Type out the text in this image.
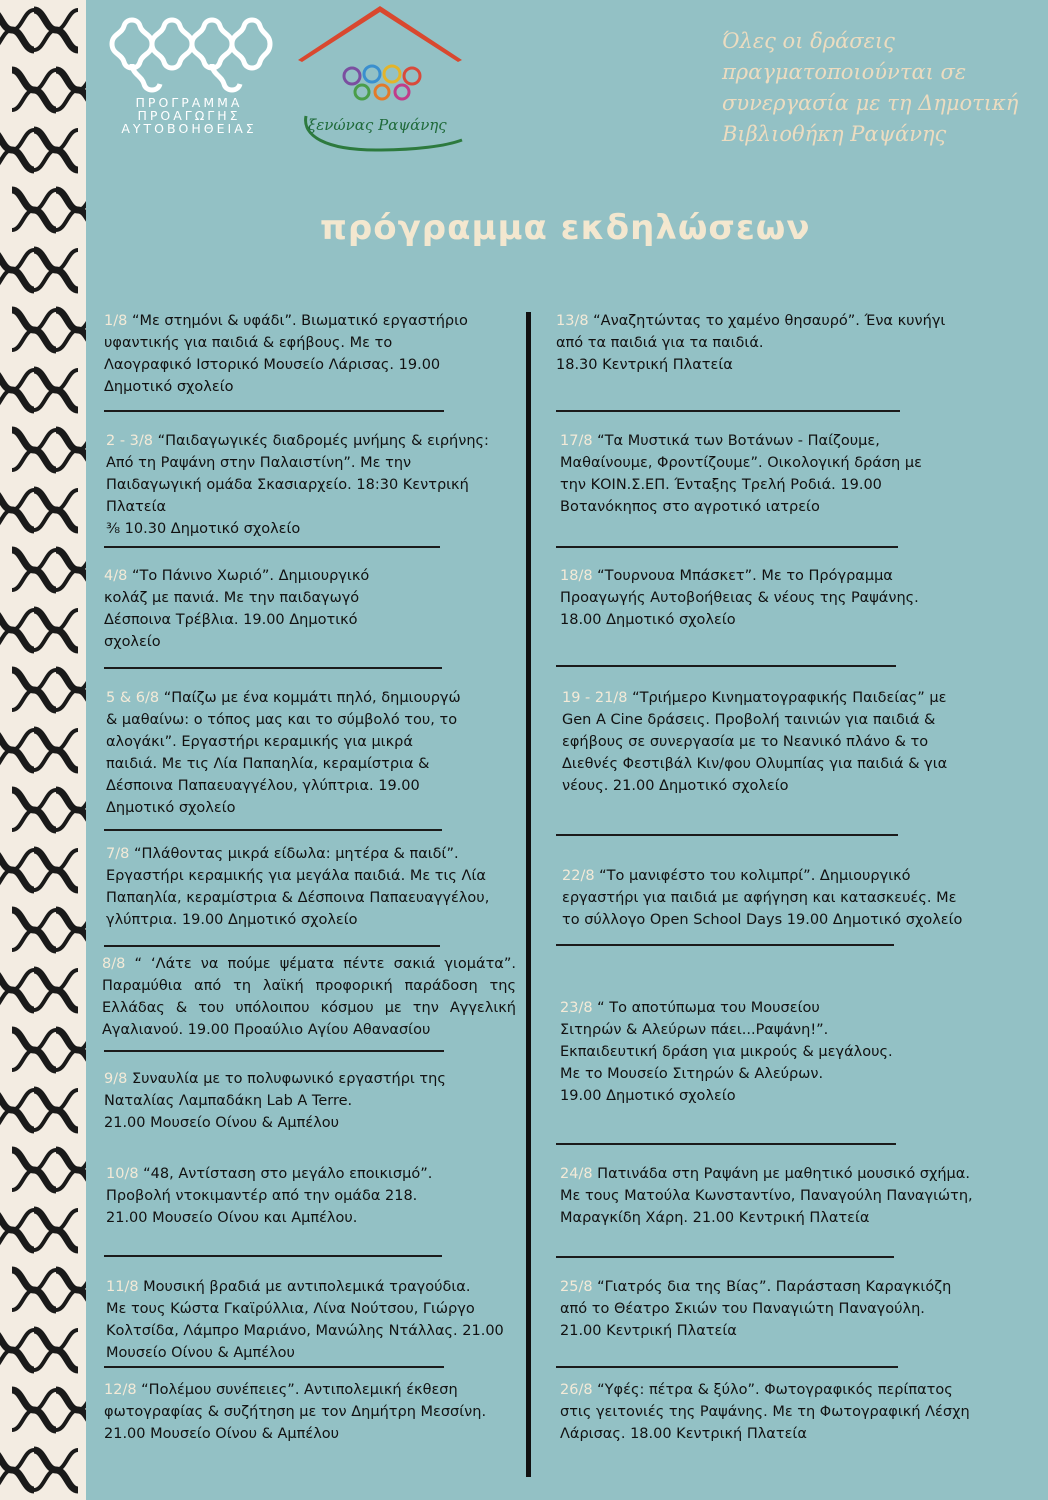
ΠΡΟΓΡΑΜΜΑ
ΠΡΟΑΓΩΓΗΣ
ΑΥΤΟΒΟΗΘΕΙΑΣ	ξενώνας Ραψάνης
Όλες οι δράσεις
πραγματοποιούνται σε
συνεργασία με τη Δημοτική
Βιβλιοθήκη Ραψάνης
πρόγραμμα εκδηλώσεων
1/8 “Με στημόνι & υφάδι”. Βιωματικό εργαστήριο
υφαντικής για παιδιά & εφήβους. Με το
Λαογραφικό Ιστορικό Μουσείο Λάρισας. 19.00
Δημοτικό σχολείο
2 - 3/8 “Παιδαγωγικές διαδρομές μνήμης & ειρήνης:
Από τη Ραψάνη στην Παλαιστίνη”. Με την
Παιδαγωγική ομάδα Σκασιαρχείο. 18:30 Κεντρική
Πλατεία
⅜ 10.30 Δημοτικό σχολείο
4/8 “Το Πάνινο Χωριό”. Δημιουργικό
κολάζ με πανιά. Με την παιδαγωγό
Δέσποινα Τρέβλια. 19.00 Δημοτικό
σχολείο
5 & 6/8 “Παίζω με ένα κομμάτι πηλό, δημιουργώ
& μαθαίνω: ο τόπος μας και το σύμβολό του, το
αλογάκι”. Εργαστήρι κεραμικής για μικρά
παιδιά. Με τις Λία Παπαηλία, κεραμίστρια &
Δέσποινα Παπαευαγγέλου, γλύπτρια. 19.00
Δημοτικό σχολείο
7/8 “Πλάθοντας μικρά είδωλα: μητέρα & παιδί”.
Εργαστήρι κεραμικής για μεγάλα παιδιά. Με τις Λία
Παπαηλία, κεραμίστρια & Δέσποινα Παπαευαγγέλου,
γλύπτρια. 19.00 Δημοτικό σχολείο
8/8 “ ‘Λάτε να πούμε ψέματα πέντε σακιά γιομάτα”.
Παραμύθια από τη λαϊκή προφορική παράδοση της
Ελλάδας & του υπόλοιπου κόσμου με την Αγγελική
Αγαλιανού. 19.00 Προαύλιο Αγίου Αθανασίου
9/8 Συναυλία με το πολυφωνικό εργαστήρι της
Ναταλίας Λαμπαδάκη Lab A Terre.
21.00 Μουσείο Οίνου & Αμπέλου
10/8 “48, Αντίσταση στο μεγάλο εποικισμό”.
Προβολή ντοκιμαντέρ από την ομάδα 218.
21.00 Μουσείο Οίνου και Αμπέλου.
11/8 Μουσική βραδιά με αντιπολεμικά τραγούδια.
Με τους Κώστα Γκαϊρύλλια, Λίνα Νούτσου, Γιώργο
Κολτσίδα, Λάμπρο Μαριάνο, Μανώλης Ντάλλας. 21.00
Μουσείο Οίνου & Αμπέλου
12/8 “Πολέμου συνέπειες”. Αντιπολεμική έκθεση
φωτογραφίας & συζήτηση με τον Δημήτρη Μεσσίνη.
21.00 Μουσείο Οίνου & Αμπέλου
13/8 “Αναζητώντας το χαμένο θησαυρό”. Ένα κυνήγι
από τα παιδιά για τα παιδιά.
18.30 Κεντρική Πλατεία
17/8 “Τα Μυστικά των Βοτάνων - Παίζουμε,
Μαθαίνουμε, Φροντίζουμε”. Οικολογική δράση με
την ΚΟΙΝ.Σ.ΕΠ. Ένταξης Τρελή Ροδιά. 19.00
Βοτανόκηπος στο αγροτικό ιατρείο
18/8 “Τουρνουα Μπάσκετ”. Με το Πρόγραμμα
Προαγωγής Αυτοβοήθειας & νέους της Ραψάνης.
18.00 Δημοτικό σχολείο
19 - 21/8 “Τριήμερο Κινηματογραφικής Παιδείας” με
Gen A Cine δράσεις. Προβολή ταινιών για παιδιά &
εφήβους σε συνεργασία με το Νεανικό πλάνο & το
Διεθνές Φεστιβάλ Κιν/φου Ολυμπίας για παιδιά & για
νέους. 21.00 Δημοτικό σχολείο
22/8 “Το μανιφέστο του κολιμπρί”. Δημιουργικό
εργαστήρι για παιδιά με αφήγηση και κατασκευές. Με
το σύλλογο Open School Days 19.00 Δημοτικό σχολείο
23/8 “ Το αποτύπωμα του Μουσείου
Σιτηρών & Αλεύρων πάει...Ραψάνη!”.
Εκπαιδευτική δράση για μικρούς & μεγάλους.
Με το Μουσείο Σιτηρών & Αλεύρων.
19.00 Δημοτικό σχολείο
24/8 Πατινάδα στη Ραψάνη με μαθητικό μουσικό σχήμα.
Με τους Ματούλα Κωνσταντίνο, Παναγούλη Παναγιώτη,
Μαραγκίδη Χάρη. 21.00 Κεντρική Πλατεία
25/8 “Γιατρός δια της Βίας”. Παράσταση Καραγκιόζη
από το Θέατρο Σκιών του Παναγιώτη Παναγούλη.
21.00 Κεντρική Πλατεία
26/8 “Υφές: πέτρα & ξύλο”. Φωτογραφικός περίπατος
στις γειτονιές της Ραψάνης. Με τη Φωτογραφική Λέσχη
Λάρισας. 18.00 Κεντρική Πλατεία
